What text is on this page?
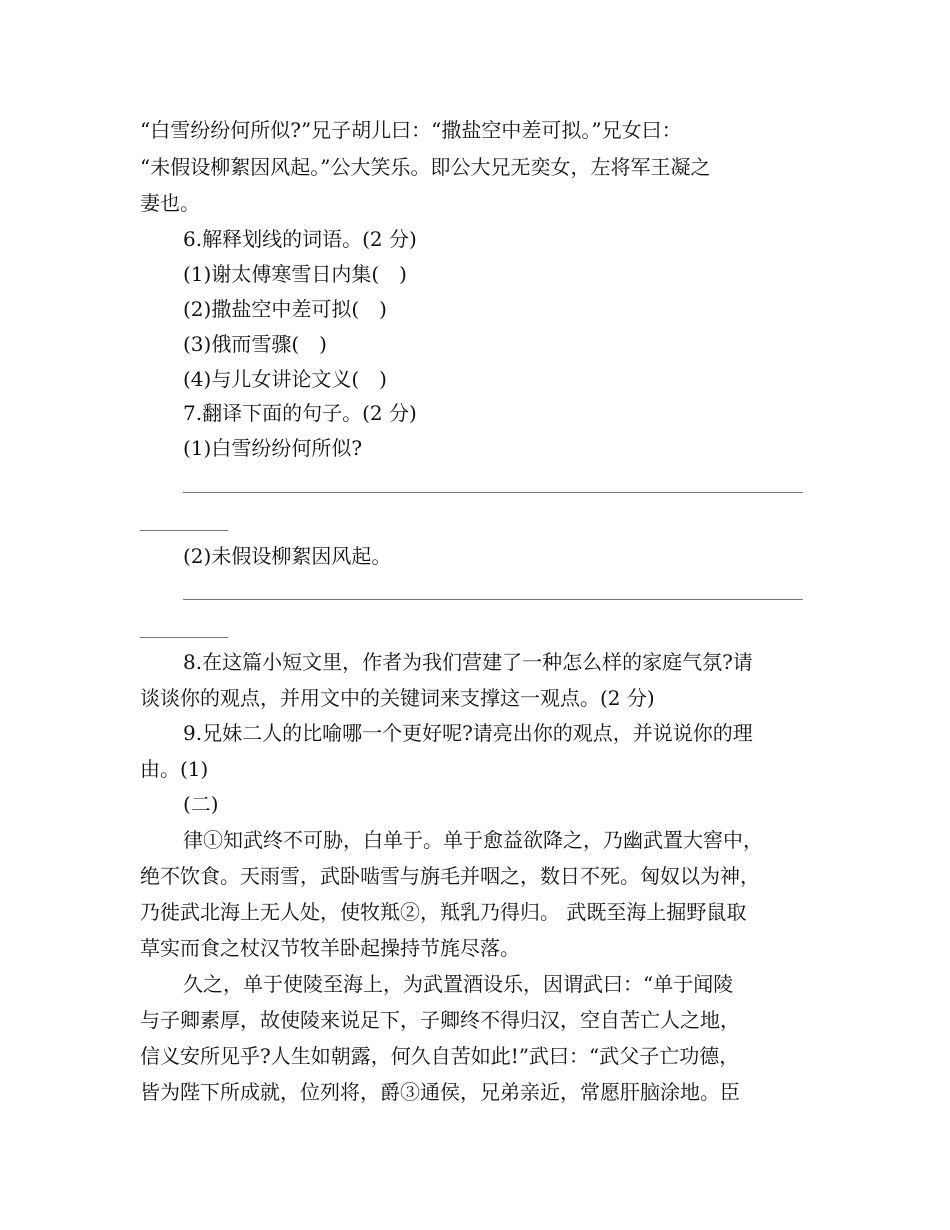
“白雪纷纷何所似?”兄子胡儿曰：“撒盐空中差可拟。”兄女曰：
“未假设柳絮因风起。”公大笑乐。即公大兄无奕女，左将军王凝之
妻也。
6.解释划线的词语。(2 分)
(1)谢太傅寒雪日内集(　)
(2)撒盐空中差可拟(　)
(3)俄而雪骤(　)
(4)与儿女讲论文义(　)
7.翻译下面的句子。(2 分)
(1)白雪纷纷何所似?
(2)未假设柳絮因风起。
8.在这篇小短文里，作者为我们营建了一种怎么样的家庭气氛?请
谈谈你的观点，并用文中的关键词来支撑这一观点。(2 分)
9.兄妹二人的比喻哪一个更好呢?请亮出你的观点，并说说你的理
由。(1)
(二)
律①知武终不可胁，白单于。单于愈益欲降之，乃幽武置大窖中，
绝不饮食。天雨雪，武卧啮雪与旃毛并咽之，数日不死。匈奴以为神，
乃徙武北海上无人处，使牧羝②，羝乳乃得归。 武既至海上掘野鼠取
草实而食之杖汉节牧羊卧起操持节旄尽落。
久之，单于使陵至海上，为武置酒设乐，因谓武曰：“单于闻陵
与子卿素厚，故使陵来说足下，子卿终不得归汉，空自苦亡人之地，
信义安所见乎?人生如朝露，何久自苦如此!”武曰：“武父子亡功德，
皆为陛下所成就，位列将，爵③通侯，兄弟亲近，常愿肝脑涂地。臣
